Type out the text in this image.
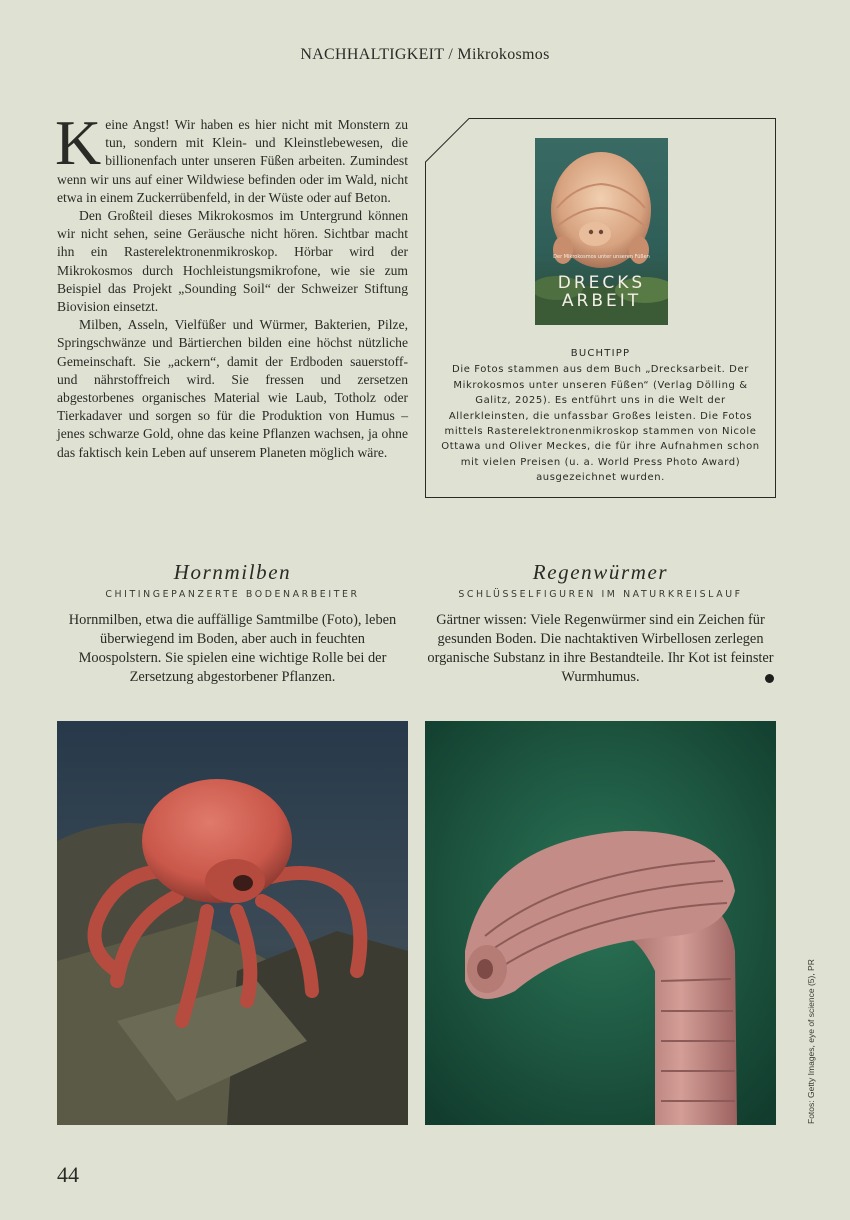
NACHHALTIGKEIT / Mikrokosmos

Keine Angst! Wir haben es hier nicht mit Monstern zu tun, sondern mit Klein- und Kleinstlebewesen, die billionenfach unter unseren Füßen arbeiten. Zumindest wenn wir uns auf einer Wildwiese befinden oder im Wald, nicht etwa in einem Zuckerrübenfeld, in der Wüste oder auf Beton.

Den Großteil dieses Mikrokosmos im Untergrund können wir nicht sehen, seine Geräusche nicht hören. Sichtbar macht ihn ein Rasterelektronenmikroskop. Hörbar wird der Mikrokosmos durch Hochleistungsmikrofone, wie sie zum Beispiel das Projekt „Sounding Soil“ der Schweizer Stiftung Biovision einsetzt.

Milben, Asseln, Vielfüßer und Würmer, Bakterien, Pilze, Springschwänze und Bärtierchen bilden eine höchst nützliche Gemeinschaft. Sie „ackern“, damit der Erdboden sauerstoff- und nährstoffreich wird. Sie fressen und zersetzen abgestorbenes organisches Material wie Laub, Totholz oder Tierkadaver und sorgen so für die Produktion von Humus – jenes schwarze Gold, ohne das keine Pflanzen wachsen, ja ohne das faktisch kein Leben auf unserem Planeten möglich wäre.

Der Mikrokosmos unter unseren Füßen
DRECKS
ARBEIT
BUCHTIPP
Die Fotos stammen aus dem Buch „Drecksarbeit. Der Mikrokosmos unter unseren Füßen“ (Verlag Dölling & Galitz, 2025). Es entführt uns in die Welt der Allerkleinsten, die unfassbar Großes leisten. Die Fotos mittels Rasterelektronenmikroskop stammen von Nicole Ottawa und Oliver Meckes, die für ihre Aufnahmen schon mit vielen Preisen (u. a. World Press Photo Award) ausgezeichnet wurden.
Hornmilben
CHITINGEPANZERTE BODENARBEITER
Hornmilben, etwa die auffällige Samtmilbe (Foto), leben überwiegend im Boden, aber auch in feuchten Moospolstern. Sie spielen eine wichtige Rolle bei der Zersetzung abgestorbener Pflanzen.
Regenwürmer
SCHLÜSSELFIGUREN IM NATURKREISLAUF
Gärtner wissen: Viele Regenwürmer sind ein Zeichen für gesunden Boden. Die nachtaktiven Wirbellosen zerlegen organische Substanz in ihre Bestandteile. Ihr Kot ist feinster Wurmhumus.
Fotos: Getty Images, eye of science (5), PR
44
